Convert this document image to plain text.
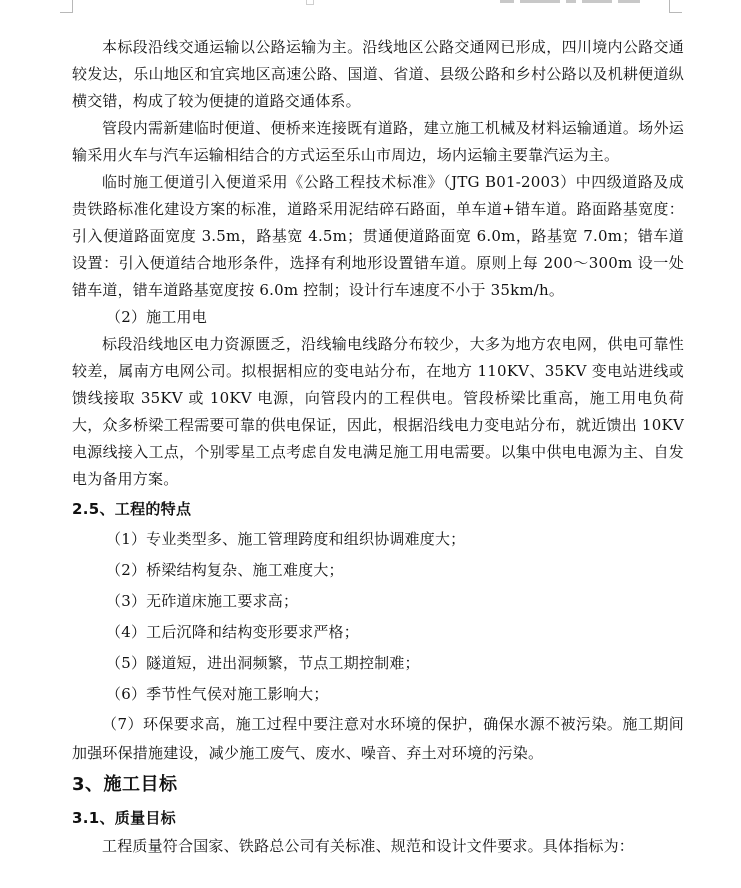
本标段沿线交通运输以公路运输为主。沿线地区公路交通网已形成，四川境内公路交通较发达，乐山地区和宜宾地区高速公路、国道、省道、县级公路和乡村公路以及机耕便道纵横交错，构成了较为便捷的道路交通体系。

管段内需新建临时便道、便桥来连接既有道路，建立施工机械及材料运输通道。场外运输采用火车与汽车运输相结合的方式运至乐山市周边，场内运输主要靠汽运为主。

临时施工便道引入便道采用《公路工程技术标准》（JTG B01-2003）中四级道路及成贵铁路标准化建设方案的标准，道路采用泥结碎石路面，单车道+错车道。路面路基宽度：引入便道路面宽度 3.5m，路基宽 4.5m；贯通便道路面宽 6.0m，路基宽 7.0m；错车道设置：引入便道结合地形条件，选择有利地形设置错车道。原则上每 200～300m 设一处错车道，错车道路基宽度按 6.0m 控制；设计行车速度不小于 35km/h。

（2）施工用电

标段沿线地区电力资源匮乏，沿线输电线路分布较少，大多为地方农电网，供电可靠性较差，属南方电网公司。拟根据相应的变电站分布，在地方 110KV、35KV 变电站进线或馈线接取 35KV 或 10KV 电源，向管段内的工程供电。管段桥梁比重高，施工用电负荷大，众多桥梁工程需要可靠的供电保证，因此，根据沿线电力变电站分布，就近馈出 10KV 电源线接入工点，个别零星工点考虑自发电满足施工用电需要。以集中供电电源为主、自发电为备用方案。

2.5、工程的特点

（1）专业类型多、施工管理跨度和组织协调难度大；

（2）桥梁结构复杂、施工难度大；

（3）无砟道床施工要求高；

（4）工后沉降和结构变形要求严格；

（5）隧道短，进出洞频繁，节点工期控制难；

（6）季节性气侯对施工影响大；

（7）环保要求高，施工过程中要注意对水环境的保护，确保水源不被污染。施工期间加强环保措施建设，减少施工废气、废水、噪音、弃土对环境的污染。

3、施工目标

3.1、质量目标

工程质量符合国家、铁路总公司有关标准、规范和设计文件要求。具体指标为：
